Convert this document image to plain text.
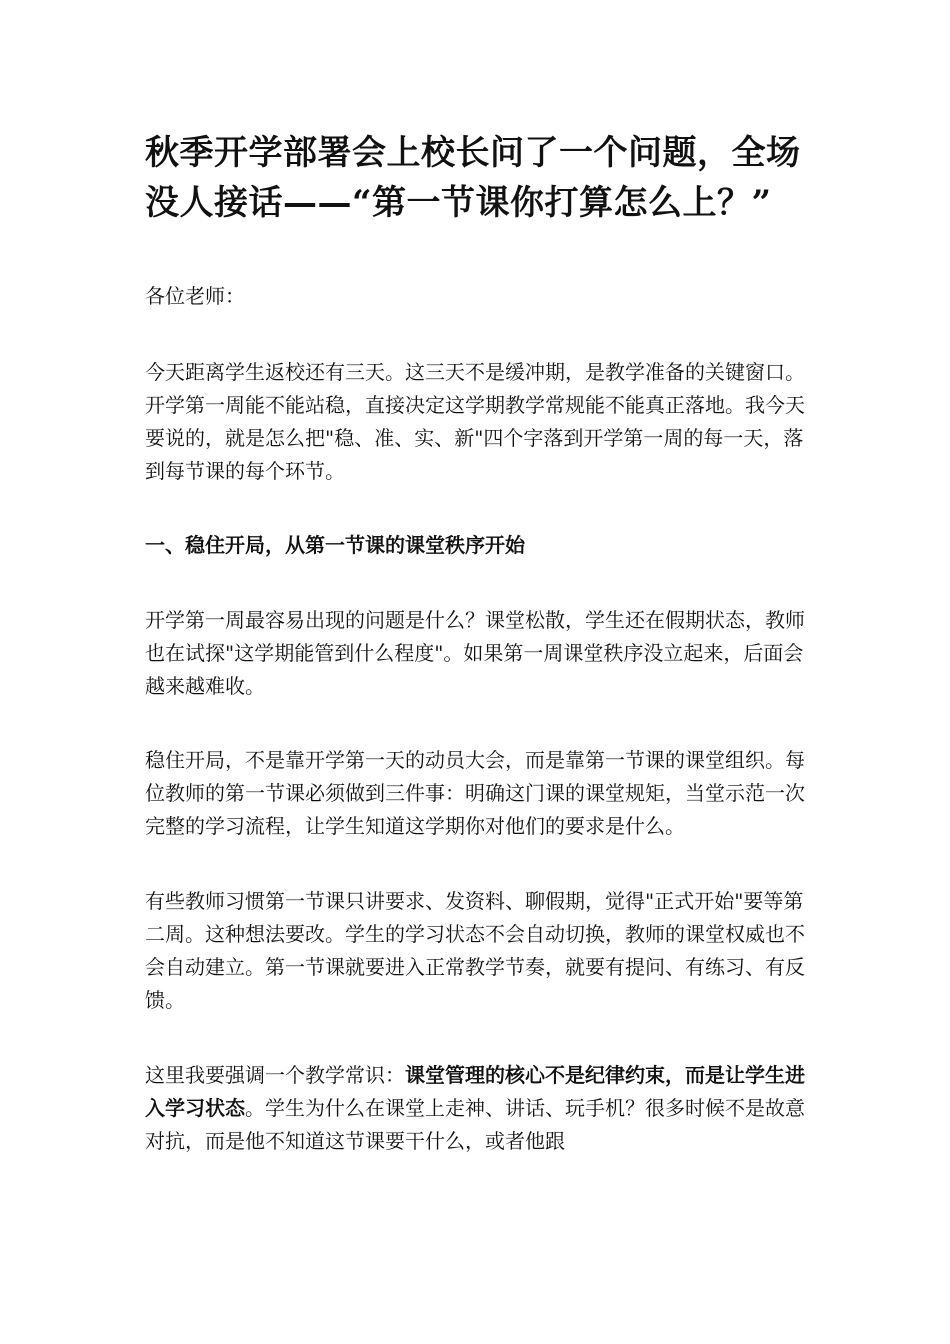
秋季开学部署会上校长问了一个问题，全场没人接话——“第一节课你打算怎么上？”

各位老师：

今天距离学生返校还有三天。这三天不是缓冲期，是教学准备的关键窗口。开学第一周能不能站稳，直接决定这学期教学常规能不能真正落地。我今天要说的，就是怎么把"稳、准、实、新"四个字落到开学第一周的每一天，落到每节课的每个环节。

一、稳住开局，从第一节课的课堂秩序开始

开学第一周最容易出现的问题是什么？课堂松散，学生还在假期状态，教师也在试探"这学期能管到什么程度"。如果第一周课堂秩序没立起来，后面会越来越难收。

稳住开局，不是靠开学第一天的动员大会，而是靠第一节课的课堂组织。每位教师的第一节课必须做到三件事：明确这门课的课堂规矩，当堂示范一次完整的学习流程，让学生知道这学期你对他们的要求是什么。

有些教师习惯第一节课只讲要求、发资料、聊假期，觉得"正式开始"要等第二周。这种想法要改。学生的学习状态不会自动切换，教师的课堂权威也不会自动建立。第一节课就要进入正常教学节奏，就要有提问、有练习、有反馈。

这里我要强调一个教学常识：课堂管理的核心不是纪律约束，而是让学生进入学习状态。学生为什么在课堂上走神、讲话、玩手机？很多时候不是故意对抗，而是他不知道这节课要干什么，或者他跟
